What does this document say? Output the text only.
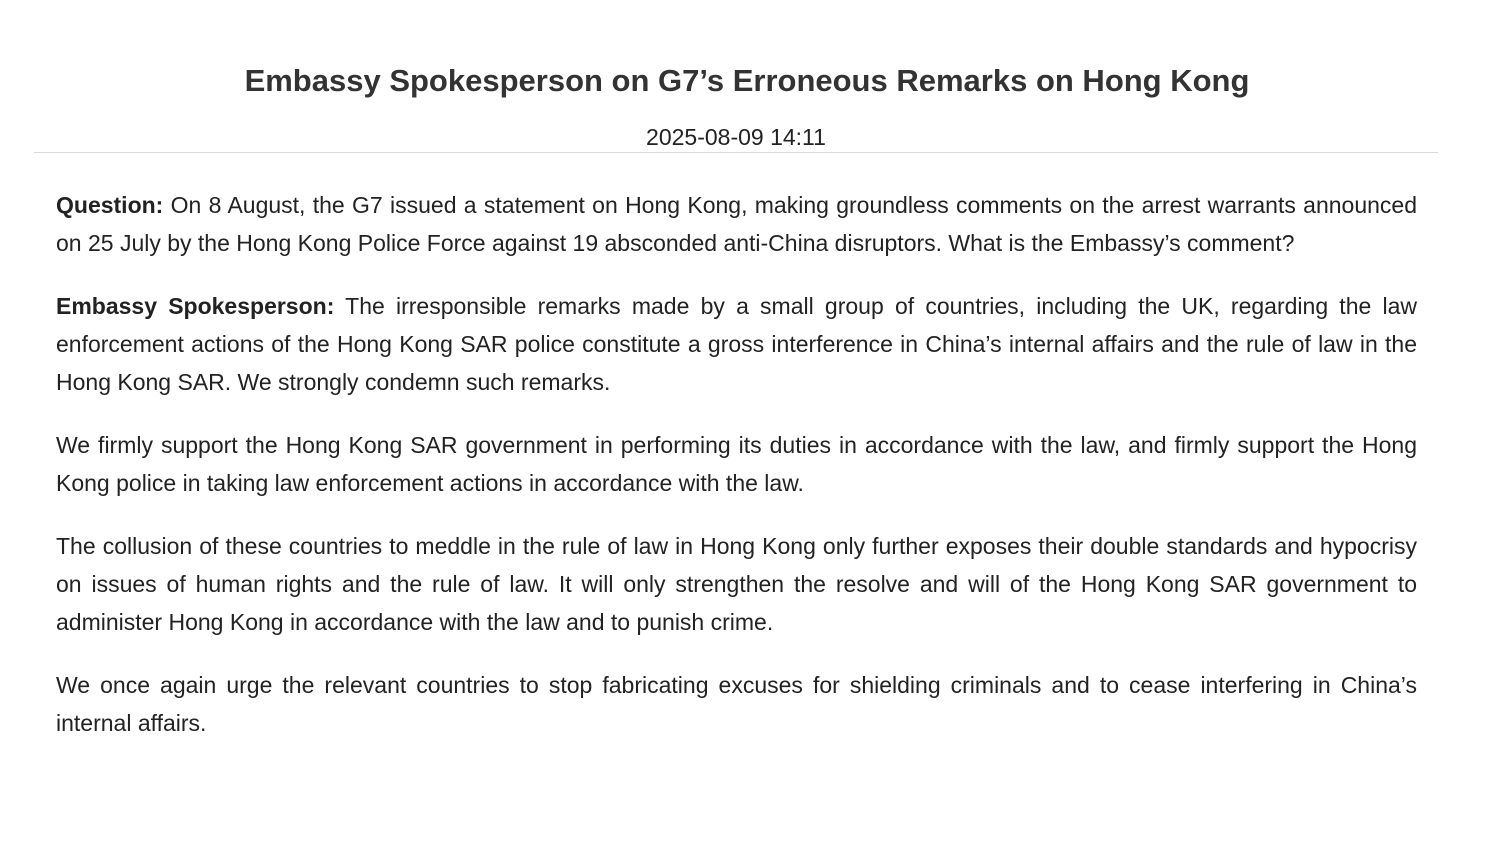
Embassy Spokesperson on G7’s Erroneous Remarks on Hong Kong
2025-08-09 14:11

Question: On 8 August, the G7 issued a statement on Hong Kong, making groundless comments on the arrest warrants announced on 25 July by the Hong Kong Police Force against 19 absconded anti-China disruptors. What is the Embassy’s comment?

Embassy Spokesperson: The irresponsible remarks made by a small group of countries, including the UK, regarding the law enforcement actions of the Hong Kong SAR police constitute a gross interference in China’s internal affairs and the rule of law in the Hong Kong SAR. We strongly condemn such remarks.

We firmly support the Hong Kong SAR government in performing its duties in accordance with the law, and firmly support the Hong Kong police in taking law enforcement actions in accordance with the law.

The collusion of these countries to meddle in the rule of law in Hong Kong only further exposes their double standards and hypocrisy on issues of human rights and the rule of law. It will only strengthen the resolve and will of the Hong Kong SAR government to administer Hong Kong in accordance with the law and to punish crime.

We once again urge the relevant countries to stop fabricating excuses for shielding criminals and to cease interfering in China’s internal affairs.
